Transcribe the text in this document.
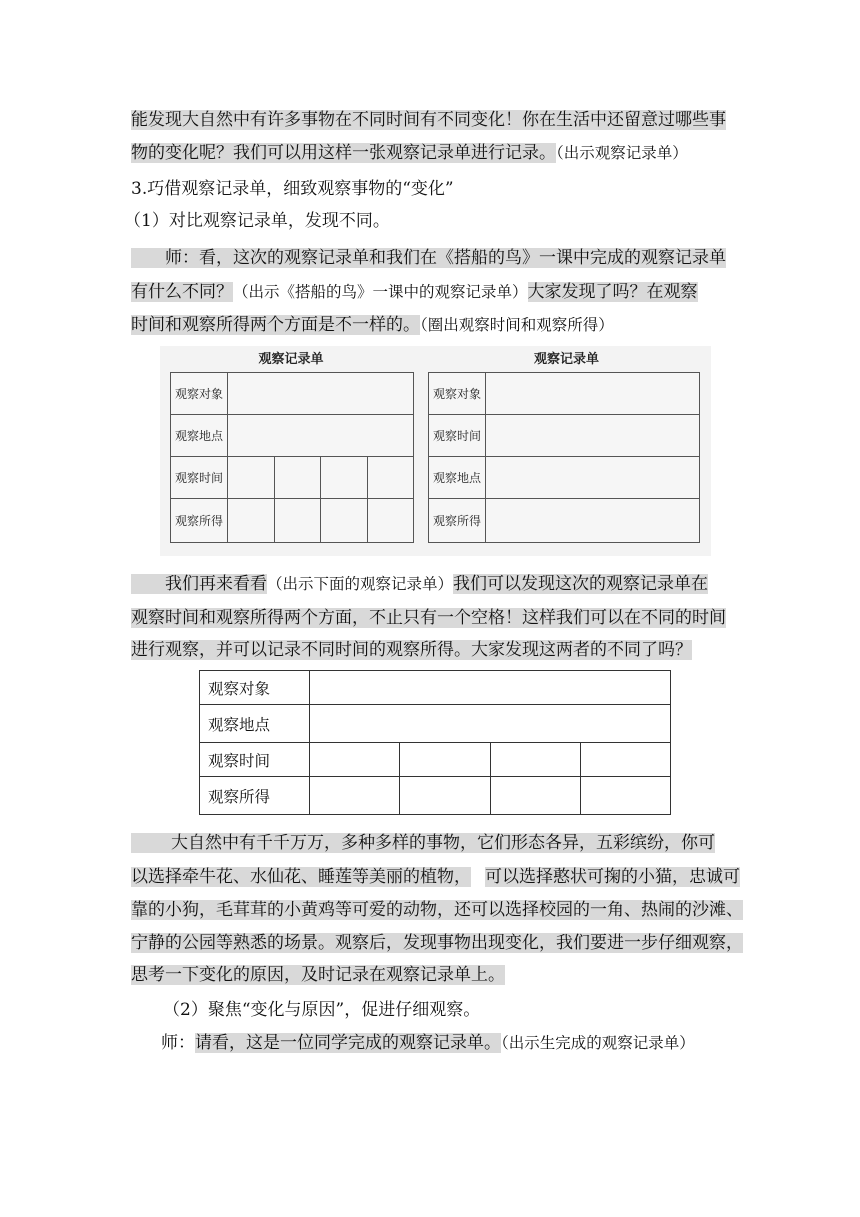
能发现大自然中有许多事物在不同时间有不同变化！你在生活中还留意过哪些事
物的变化呢？我们可以用这样一张观察记录单进行记录。（出示观察记录单）
3.巧借观察记录单，细致观察事物的“变化”
（1）对比观察记录单，发现不同。
师：看，这次的观察记录单和我们在《搭船的鸟》一课中完成的观察记录单
有什么不同？（出示《搭船的鸟》一课中的观察记录单）大家发现了吗？在观察
时间和观察所得两个方面是不一样的。（圈出观察时间和观察所得）
观察记录单
观察对象				
观察地点				
观察时间				
观察所得				
观察记录单
观察对象	
观察时间	
观察地点	
观察所得	
我们再来看看（出示下面的观察记录单）我们可以发现这次的观察记录单在
观察时间和观察所得两个方面，不止只有一个空格！这样我们可以在不同的时间
进行观察，并可以记录不同时间的观察所得。大家发现这两者的不同了吗？
观察对象				
观察地点				
观察时间				
观察所得				
大自然中有千千万万，多种多样的事物，它们形态各异，五彩缤纷，你可
以选择牵牛花、水仙花、睡莲等美丽的植物， 可以选择憨状可掬的小猫，忠诚可
靠的小狗，毛茸茸的小黄鸡等可爱的动物，还可以选择校园的一角、热闹的沙滩、
宁静的公园等熟悉的场景。观察后，发现事物出现变化，我们要进一步仔细观察，
思考一下变化的原因，及时记录在观察记录单上。
（2）聚焦“变化与原因”，促进仔细观察。
师：请看，这是一位同学完成的观察记录单。（出示生完成的观察记录单）
